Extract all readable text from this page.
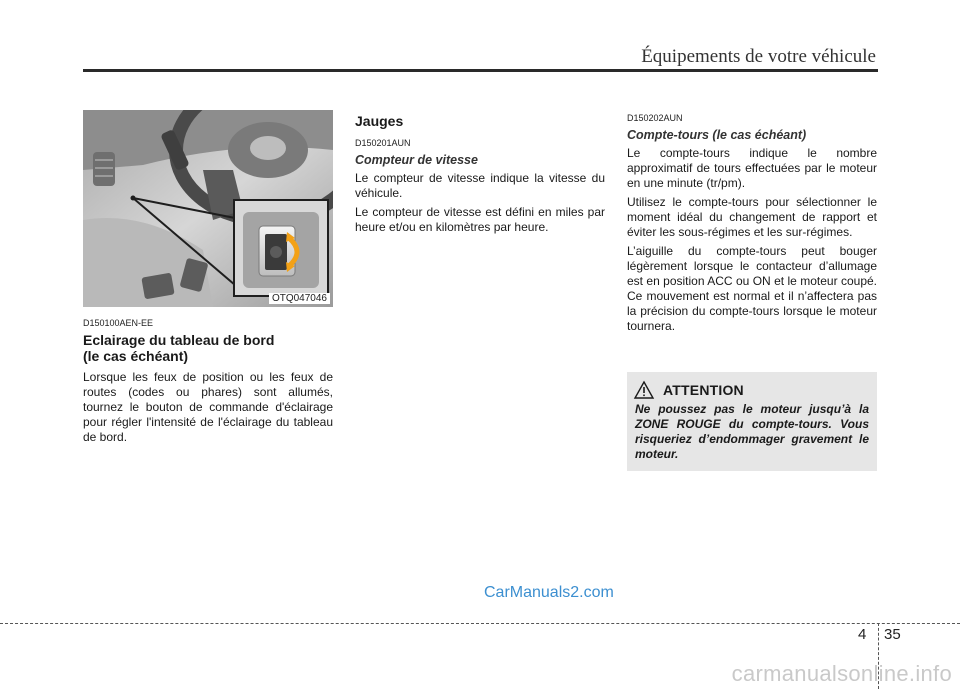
Équipements de votre véhicule
OTQ047046

D150100AEN-EE

Eclairage du tableau de bord
(le cas échéant)

Lorsque les feux de position ou les feux de routes (codes ou phares) sont allumés, tournez le bouton de commande d'éclairage pour régler l'intensité de l'éclairage du tableau de bord.

Jauges

D150201AUN

Compteur de vitesse

Le compteur de vitesse indique la vitesse du véhicule.

Le compteur de vitesse est défini en miles par heure et/ou en kilomètres par heure.

D150202AUN

Compte-tours (le cas échéant)

Le compte-tours indique le nombre approximatif de tours effectuées par le moteur en une minute (tr/pm).

Utilisez le compte-tours pour sélectionner le moment idéal du changement de rapport et éviter les sous-régimes et les sur-régimes.

L’aiguille du compte-tours peut bouger légèrement lorsque le contacteur d’allumage est en position ACC ou ON et le moteur coupé. Ce mouvement est normal et il n’affectera pas la précision du compte-tours lorsque le moteur tournera.

ATTENTION

Ne poussez pas le moteur jusqu’à la ZONE ROUGE du compte-tours. Vous risqueriez d’endommager gravement le moteur.

CarManuals2.com
4 35
carmanualsonline.info
